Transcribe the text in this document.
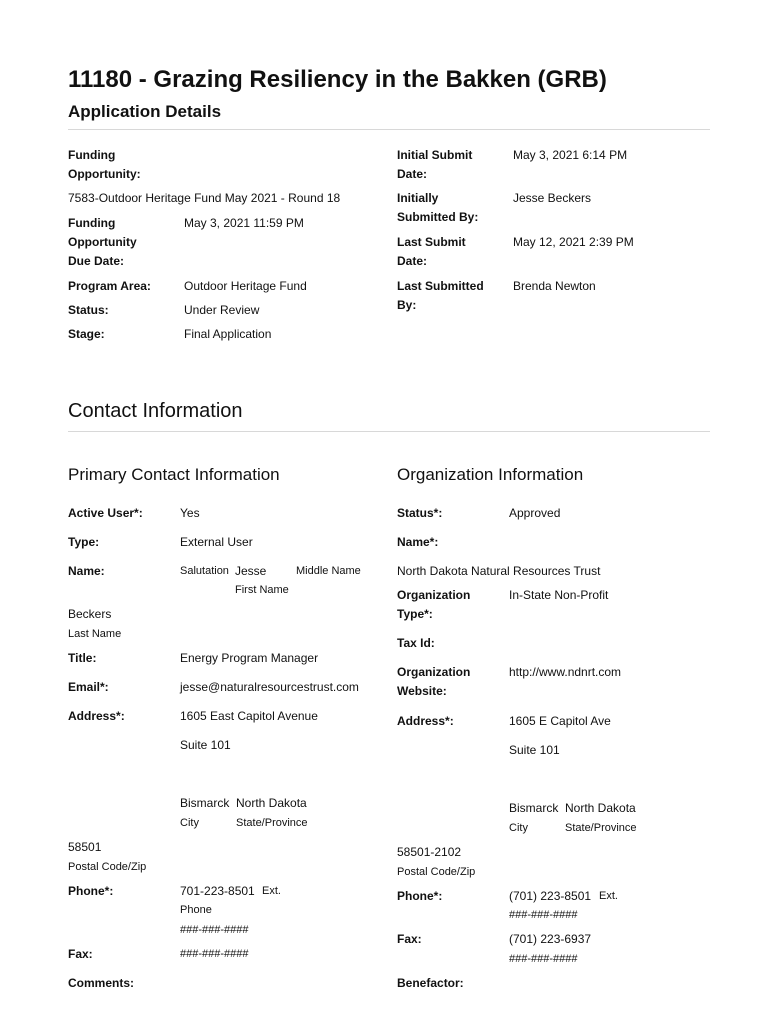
11180 - Grazing Resiliency in the Bakken (GRB)
Application Details
Funding
Opportunity:
7583-Outdoor Heritage Fund May 2021 - Round 18
Funding
Opportunity
Due Date:
May 3, 2021 11:59 PM
Program Area:	Outdoor Heritage Fund
Status:	Under Review
Stage:	Final Application
Initial Submit
Date:
May 3, 2021 6:14 PM
Initially
Submitted By:
Jesse Beckers
Last Submit
Date:
May 12, 2021 2:39 PM
Last Submitted
By:
Brenda Newton
Contact Information
Primary Contact Information	Organization Information
Active User*:	Yes
Type:	External User
Name:	Salutation Jesse	Middle Name
First Name
Beckers
Last Name
Title:	Energy Program Manager
Email*:	jesse@naturalresourcestrust.com
Address*:	1605 East Capitol Avenue
Suite 101
Bismarck North Dakota
City	State/Province
58501
Postal Code/Zip
Phone*:	701-223-8501 Ext.
Phone
###-###-####
Fax:	###-###-####
Comments:
Status*:	Approved
Name*:
North Dakota Natural Resources Trust
Organization
Type*:
In-State Non-Profit
Tax Id:
Organization
Website:
http://www.ndnrt.com
Address*:	1605 E Capitol Ave
Suite 101
Bismarck North Dakota
City	State/Province
58501-2102
Postal Code/Zip
Phone*:	(701) 223-8501 Ext.
###-###-####
Fax:	(701) 223-6937
###-###-####
Benefactor:
